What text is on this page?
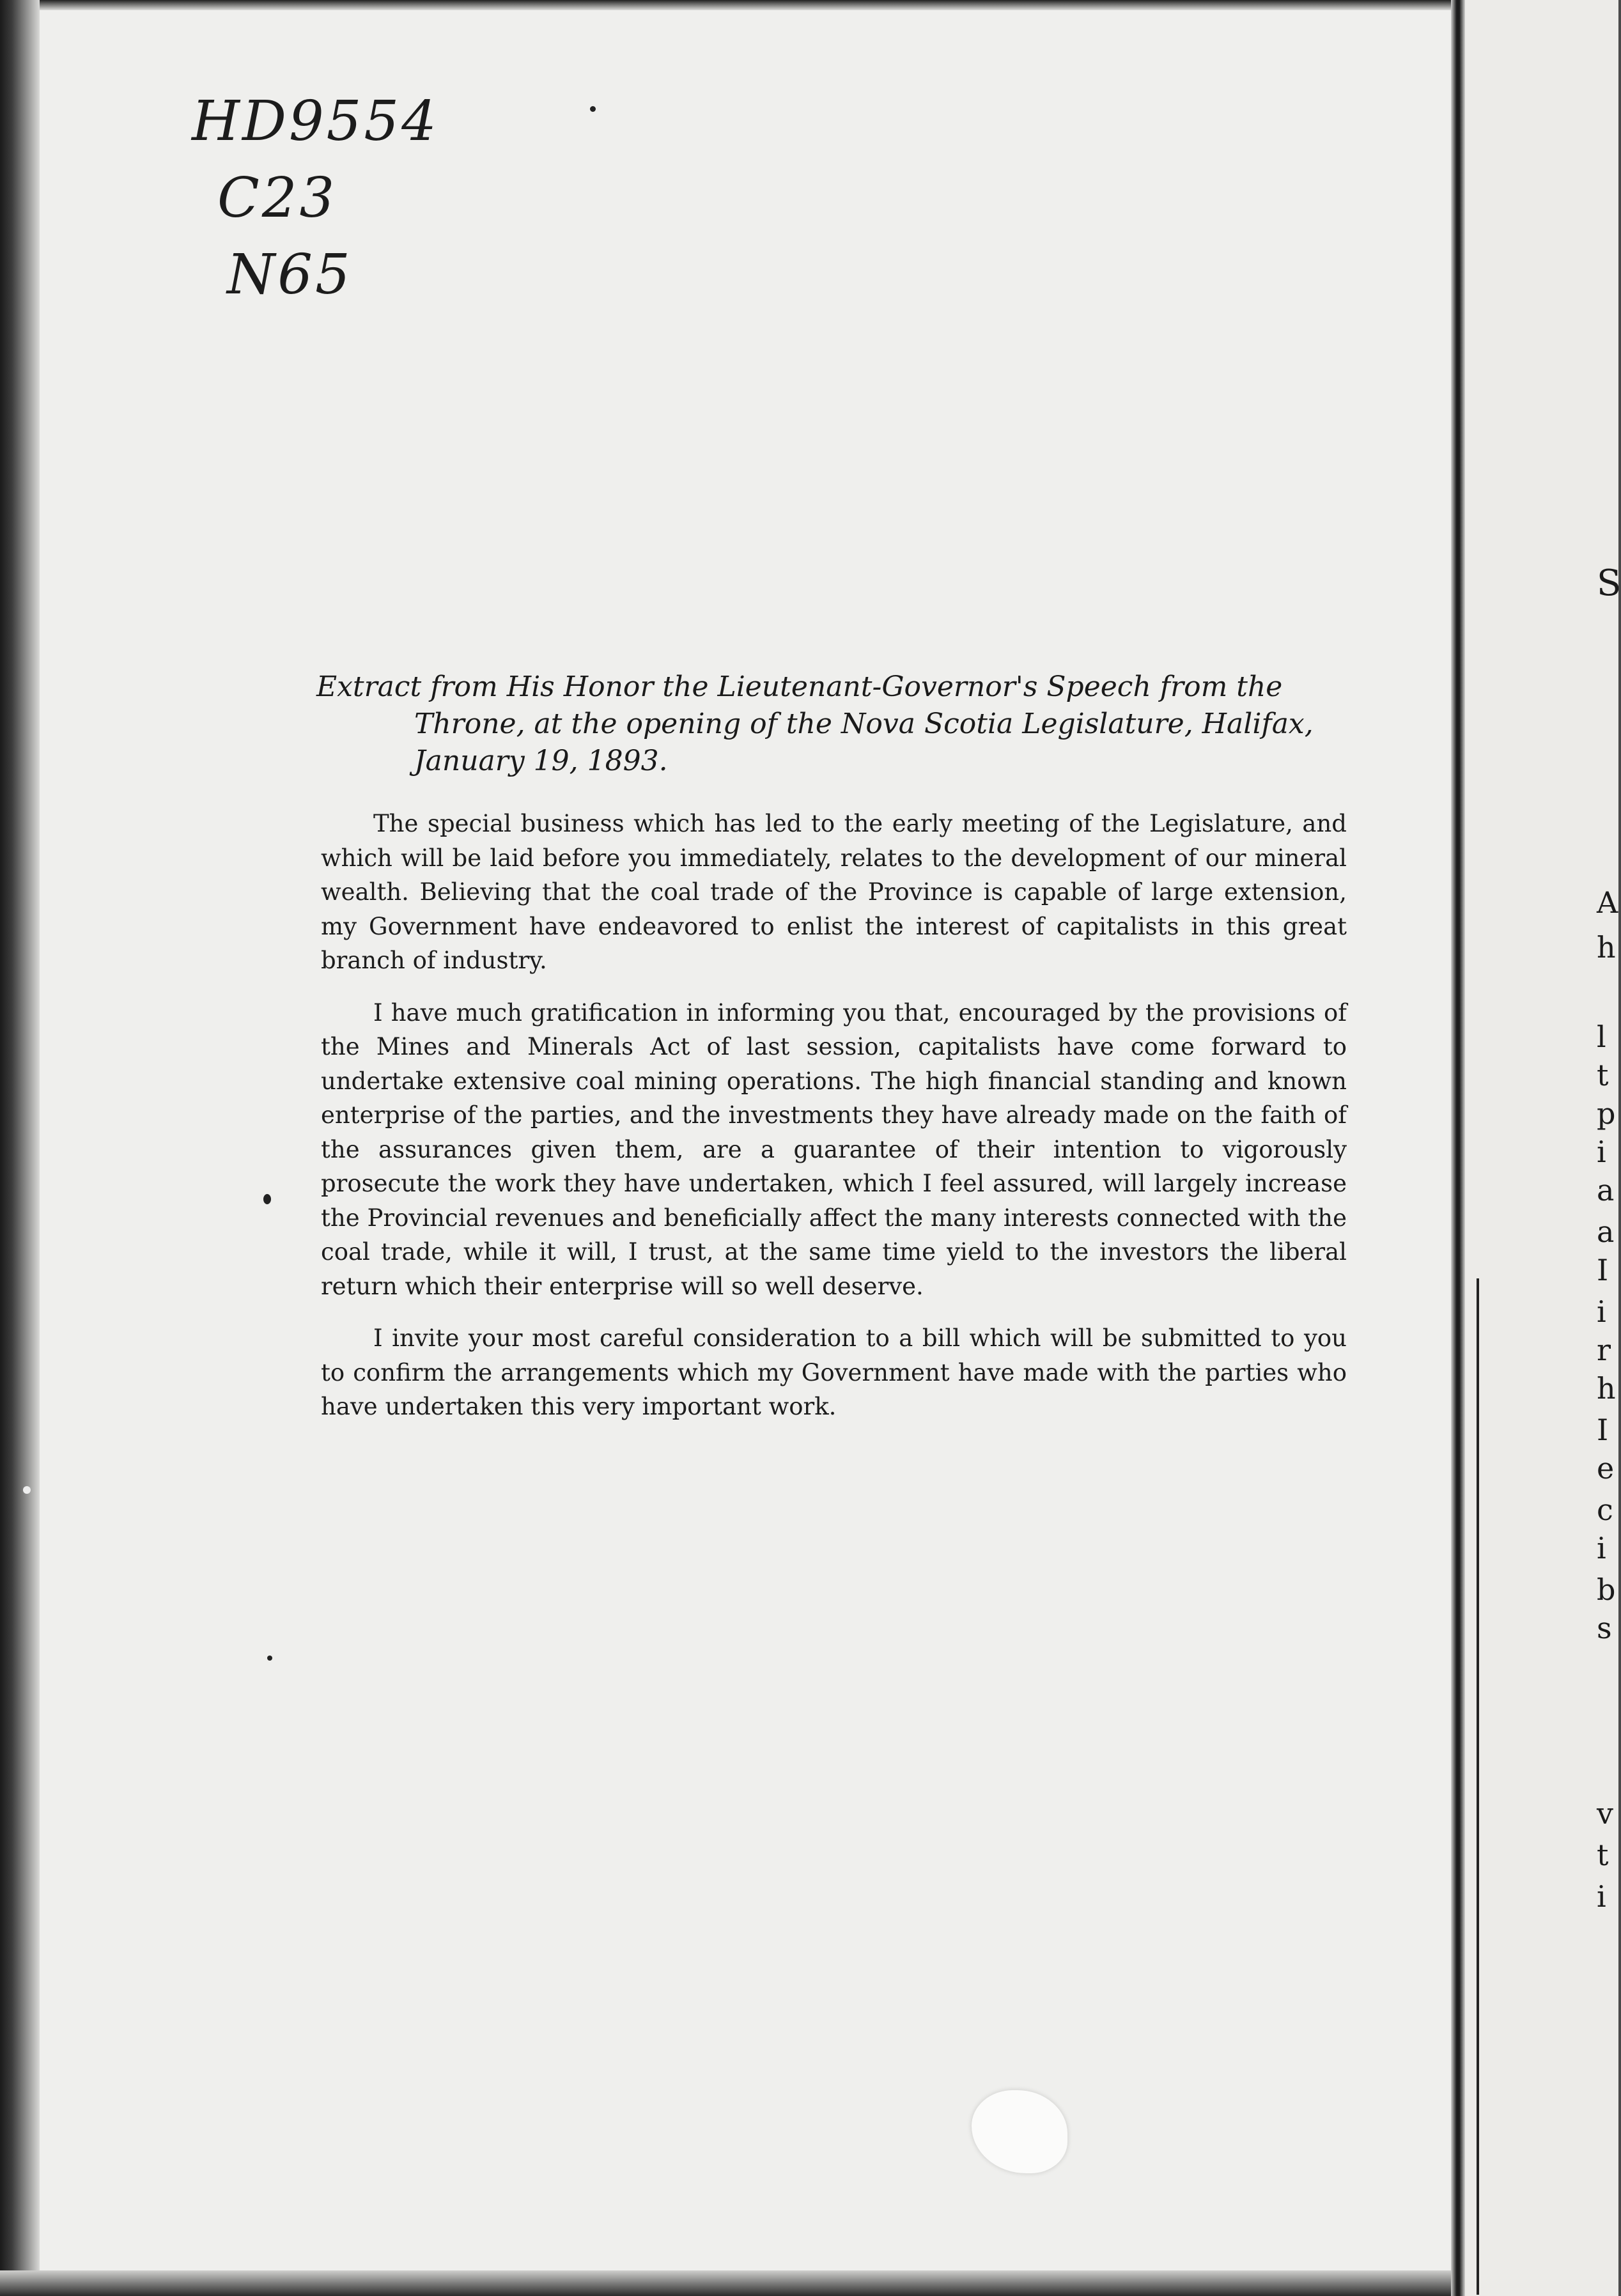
HD9554
C23
N65
Extract from His Honor the Lieutenant-Governor's Speech from the
Throne, at the opening of the Nova Scotia Legislature, Halifax,
January 19, 1893.

The special business which has led to the early meeting of the Legislature, and which will be laid before you immediately, relates to the development of our mineral wealth. Believing that the coal trade of the Province is capable of large extension, my Government have endeavored to enlist the interest of capitalists in this great branch of industry.

I have much gratification in informing you that, encouraged by the provisions of the Mines and Minerals Act of last session, capitalists have come forward to undertake extensive coal mining operations. The high financial standing and known enterprise of the parties, and the investments they have already made on the faith of the assurances given them, are a guarantee of their intention to vigorously prosecute the work they have undertaken, which I feel assured, will largely increase the Provincial revenues and beneficially affect the many interests connected with the coal trade, while it will, I trust, at the same time yield to the investors the liberal return which their enterprise will so well deserve.

I invite your most careful consideration to a bill which will be submitted to you to confirm the arrangements which my Government have made with the parties who have undertaken this very important work.

S
A
h
l
t
p
i
a
a
I
i
r
h
I
e
c
i
b
s
v
t
i
